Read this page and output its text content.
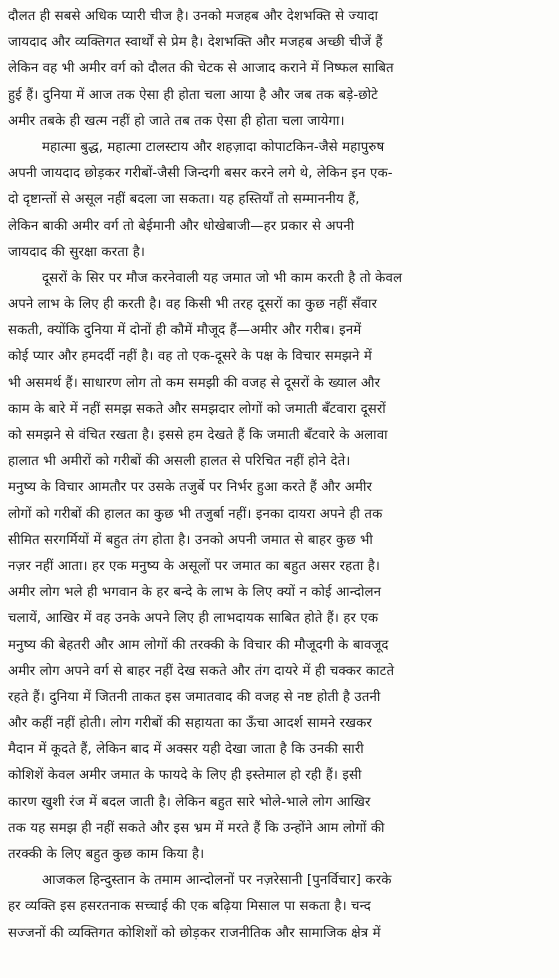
दौलत ही सबसे अधिक प्यारी चीज है। उनको मजहब और देशभक्ति से ज्यादा
जायदाद और व्यक्तिगत स्वार्थों से प्रेम है। देशभक्ति और मजहब अच्छी चीजें हैं
लेकिन वह भी अमीर वर्ग को दौलत की चेटक से आजाद कराने में निष्फल साबित
हुई हैं। दुनिया में आज तक ऐसा ही होता चला आया है और जब तक बड़े-छोटे
अमीर तबके ही खत्म नहीं हो जाते तब तक ऐसा ही होता चला जायेगा।
महात्मा बुद्ध, महात्मा टालस्टाय और शहज़ादा कोपाटकिन-जैसे महापुरुष
अपनी जायदाद छोड़कर गरीबों-जैसी जिन्दगी बसर करने लगे थे, लेकिन इन एक-
दो दृष्टान्तों से असूल नहीं बदला जा सकता। यह हस्तियाँ तो सम्माननीय हैं,
लेकिन बाकी अमीर वर्ग तो बेईमानी और धोखेबाजी—हर प्रकार से अपनी
जायदाद की सुरक्षा करता है।
दूसरों के सिर पर मौज करनेवाली यह जमात जो भी काम करती है तो केवल
अपने लाभ के लिए ही करती है। वह किसी भी तरह दूसरों का कुछ नहीं सँवार
सकती, क्योंकि दुनिया में दोनों ही कौमें मौजूद हैं—अमीर और गरीब। इनमें
कोई प्यार और हमदर्दी नहीं है। वह तो एक-दूसरे के पक्ष के विचार समझने में
भी असमर्थ हैं। साधारण लोग तो कम समझी की वजह से दूसरों के ख्याल और
काम के बारे में नहीं समझ सकते और समझदार लोगों को जमाती बँटवारा दूसरों
को समझने से वंचित रखता है। इससे हम देखते हैं कि जमाती बँटवारे के अलावा
हालात भी अमीरों को गरीबों की असली हालत से परिचित नहीं होने देते।
मनुष्य के विचार आमतौर पर उसके तजुर्बे पर निर्भर हुआ करते हैं और अमीर
लोगों को गरीबों की हालत का कुछ भी तजुर्बा नहीं। इनका दायरा अपने ही तक
सीमित सरगर्मियों में बहुत तंग होता है। उनको अपनी जमात से बाहर कुछ भी
नज़र नहीं आता। हर एक मनुष्य के असूलों पर जमात का बहुत असर रहता है।
अमीर लोग भले ही भगवान के हर बन्दे के लाभ के लिए क्यों न कोई आन्दोलन
चलायें, आखिर में वह उनके अपने लिए ही लाभदायक साबित होते हैं। हर एक
मनुष्य की बेहतरी और आम लोगों की तरक्की के विचार की मौजूदगी के बावजूद
अमीर लोग अपने वर्ग से बाहर नहीं देख सकते और तंग दायरे में ही चक्कर काटते
रहते हैं। दुनिया में जितनी ताकत इस जमातवाद की वजह से नष्ट होती है उतनी
और कहीं नहीं होती। लोग गरीबों की सहायता का ऊँचा आदर्श सामने रखकर
मैदान में कूदते हैं, लेकिन बाद में अक्सर यही देखा जाता है कि उनकी सारी
कोशिशें केवल अमीर जमात के फायदे के लिए ही इस्तेमाल हो रही हैं। इसी
कारण खुशी रंज में बदल जाती है। लेकिन बहुत सारे भोले-भाले लोग आखिर
तक यह समझ ही नहीं सकते और इस भ्रम में मरते हैं कि उन्होंने आम लोगों की
तरक्की के लिए बहुत कुछ काम किया है।
आजकल हिन्दुस्तान के तमाम आन्दोलनों पर नज़रेसानी [पुनर्विचार] करके
हर व्यक्ति इस हसरतनाक सच्चाई की एक बढ़िया मिसाल पा सकता है। चन्द
सज्जनों की व्यक्तिगत कोशिशों को छोड़कर राजनीतिक और सामाजिक क्षेत्र में
